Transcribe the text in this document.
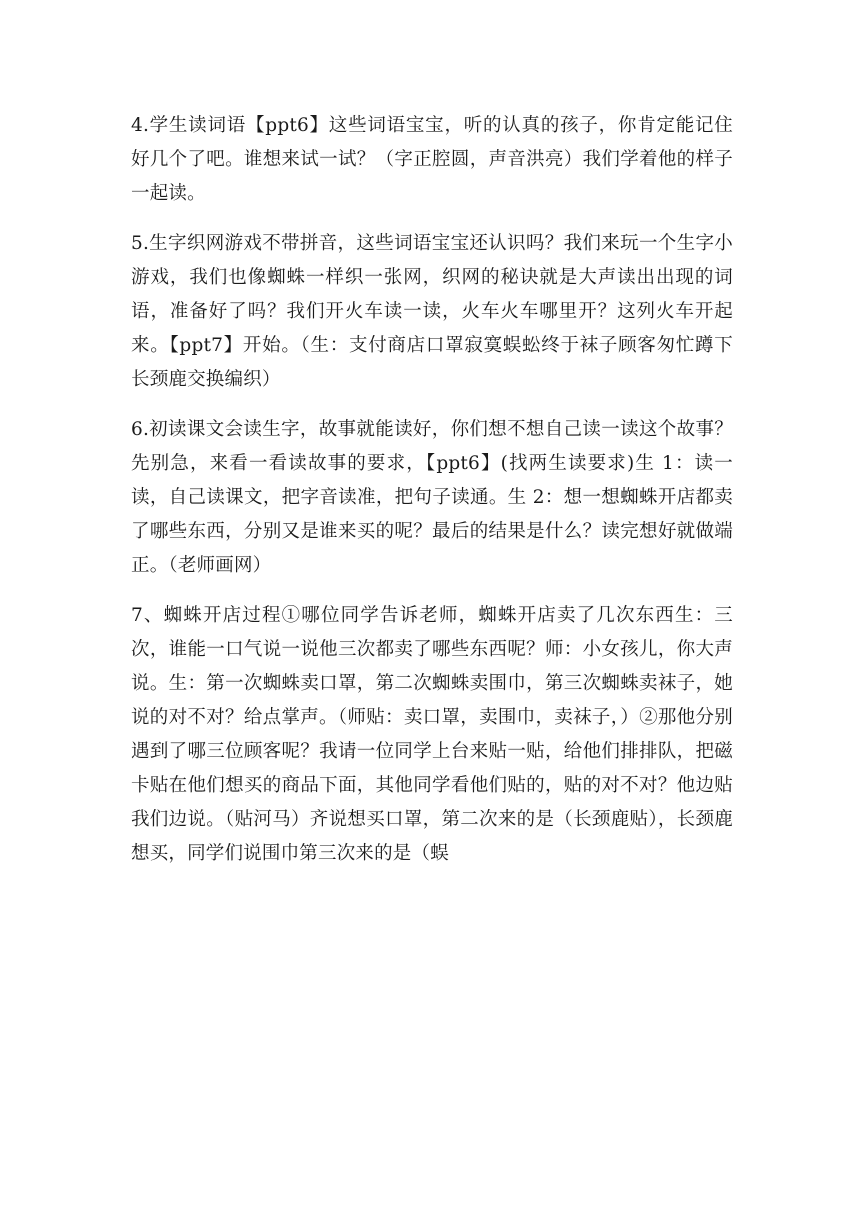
4.学生读词语【ppt6】这些词语宝宝，听的认真的孩子，你肯定能记住好几个了吧。谁想来试一试？（字正腔圆，声音洪亮）我们学着他的样子一起读。

5.生字织网游戏不带拼音，这些词语宝宝还认识吗？我们来玩一个生字小游戏，我们也像蜘蛛一样织一张网，织网的秘诀就是大声读出出现的词语，准备好了吗？我们开火车读一读，火车火车哪里开？这列火车开起来。【ppt7】开始。（生：支付商店口罩寂寞蜈蚣终于袜子顾客匆忙蹲下长颈鹿交换编织）

6.初读课文会读生字，故事就能读好，你们想不想自己读一读这个故事？先别急，来看一看读故事的要求，【ppt6】(找两生读要求)生 1：读一读，自己读课文，把字音读准，把句子读通。生 2：想一想蜘蛛开店都卖了哪些东西，分别又是谁来买的呢？最后的结果是什么？读完想好就做端正。（老师画网）

7、蜘蛛开店过程①哪位同学告诉老师，蜘蛛开店卖了几次东西生：三次，谁能一口气说一说他三次都卖了哪些东西呢？师：小女孩儿，你大声说。生：第一次蜘蛛卖口罩，第二次蜘蛛卖围巾，第三次蜘蛛卖袜子，她说的对不对？给点掌声。（师贴：卖口罩，卖围巾，卖袜子，）②那他分别遇到了哪三位顾客呢？我请一位同学上台来贴一贴，给他们排排队，把磁卡贴在他们想买的商品下面，其他同学看他们贴的，贴的对不对？他边贴我们边说。（贴河马）齐说想买口罩，第二次来的是（长颈鹿贴），长颈鹿想买，同学们说围巾第三次来的是（蜈
